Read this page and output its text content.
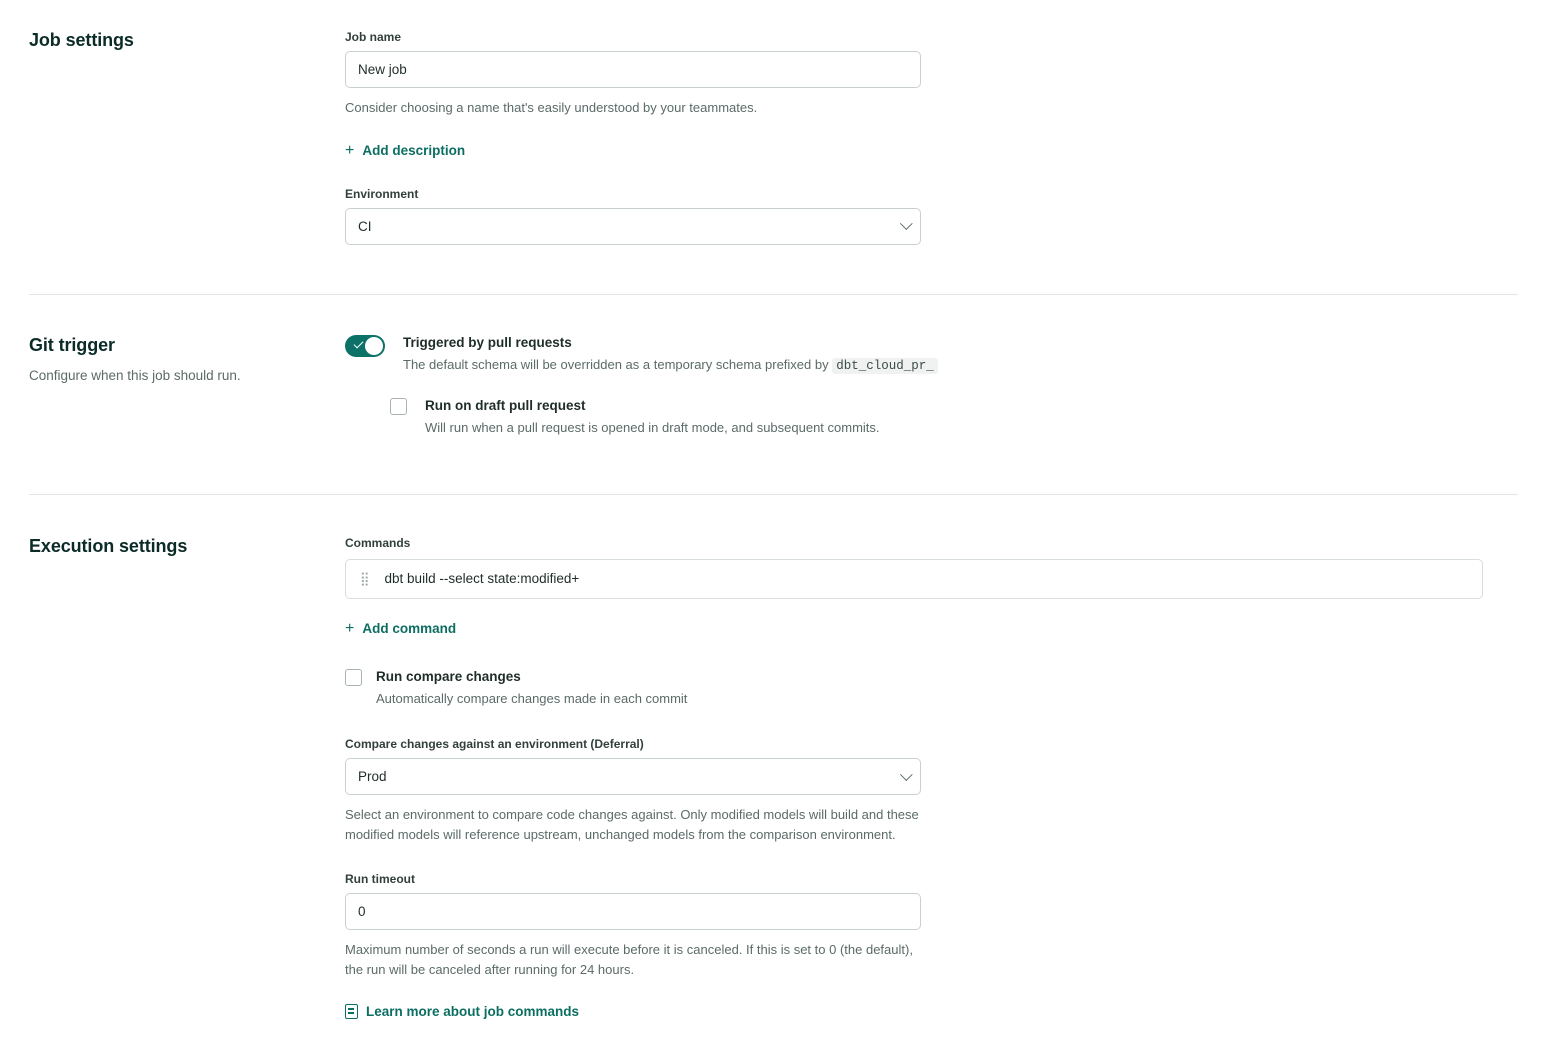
Job settings	Job name
New job
Consider choosing a name that's easily understood by your teammates.
+ Add description
Environment
CI
Git trigger
Configure when this job should run.
Triggered by pull requests
The default schema will be overridden as a temporary schema prefixed by dbt_cloud_pr_
Run on draft pull request
Will run when a pull request is opened in draft mode, and subsequent commits.
Execution settings	Commands
⣿ dbt build --select state:modified+
+ Add command
Run compare changes
Automatically compare changes made in each commit
Compare changes against an environment (Deferral)
Prod
Select an environment to compare code changes against. Only modified models will build and these modified models will reference upstream, unchanged models from the comparison environment.
Run timeout
0
Maximum number of seconds a run will execute before it is canceled. If this is set to 0 (the default), the run will be canceled after running for 24 hours.
Learn more about job commands
